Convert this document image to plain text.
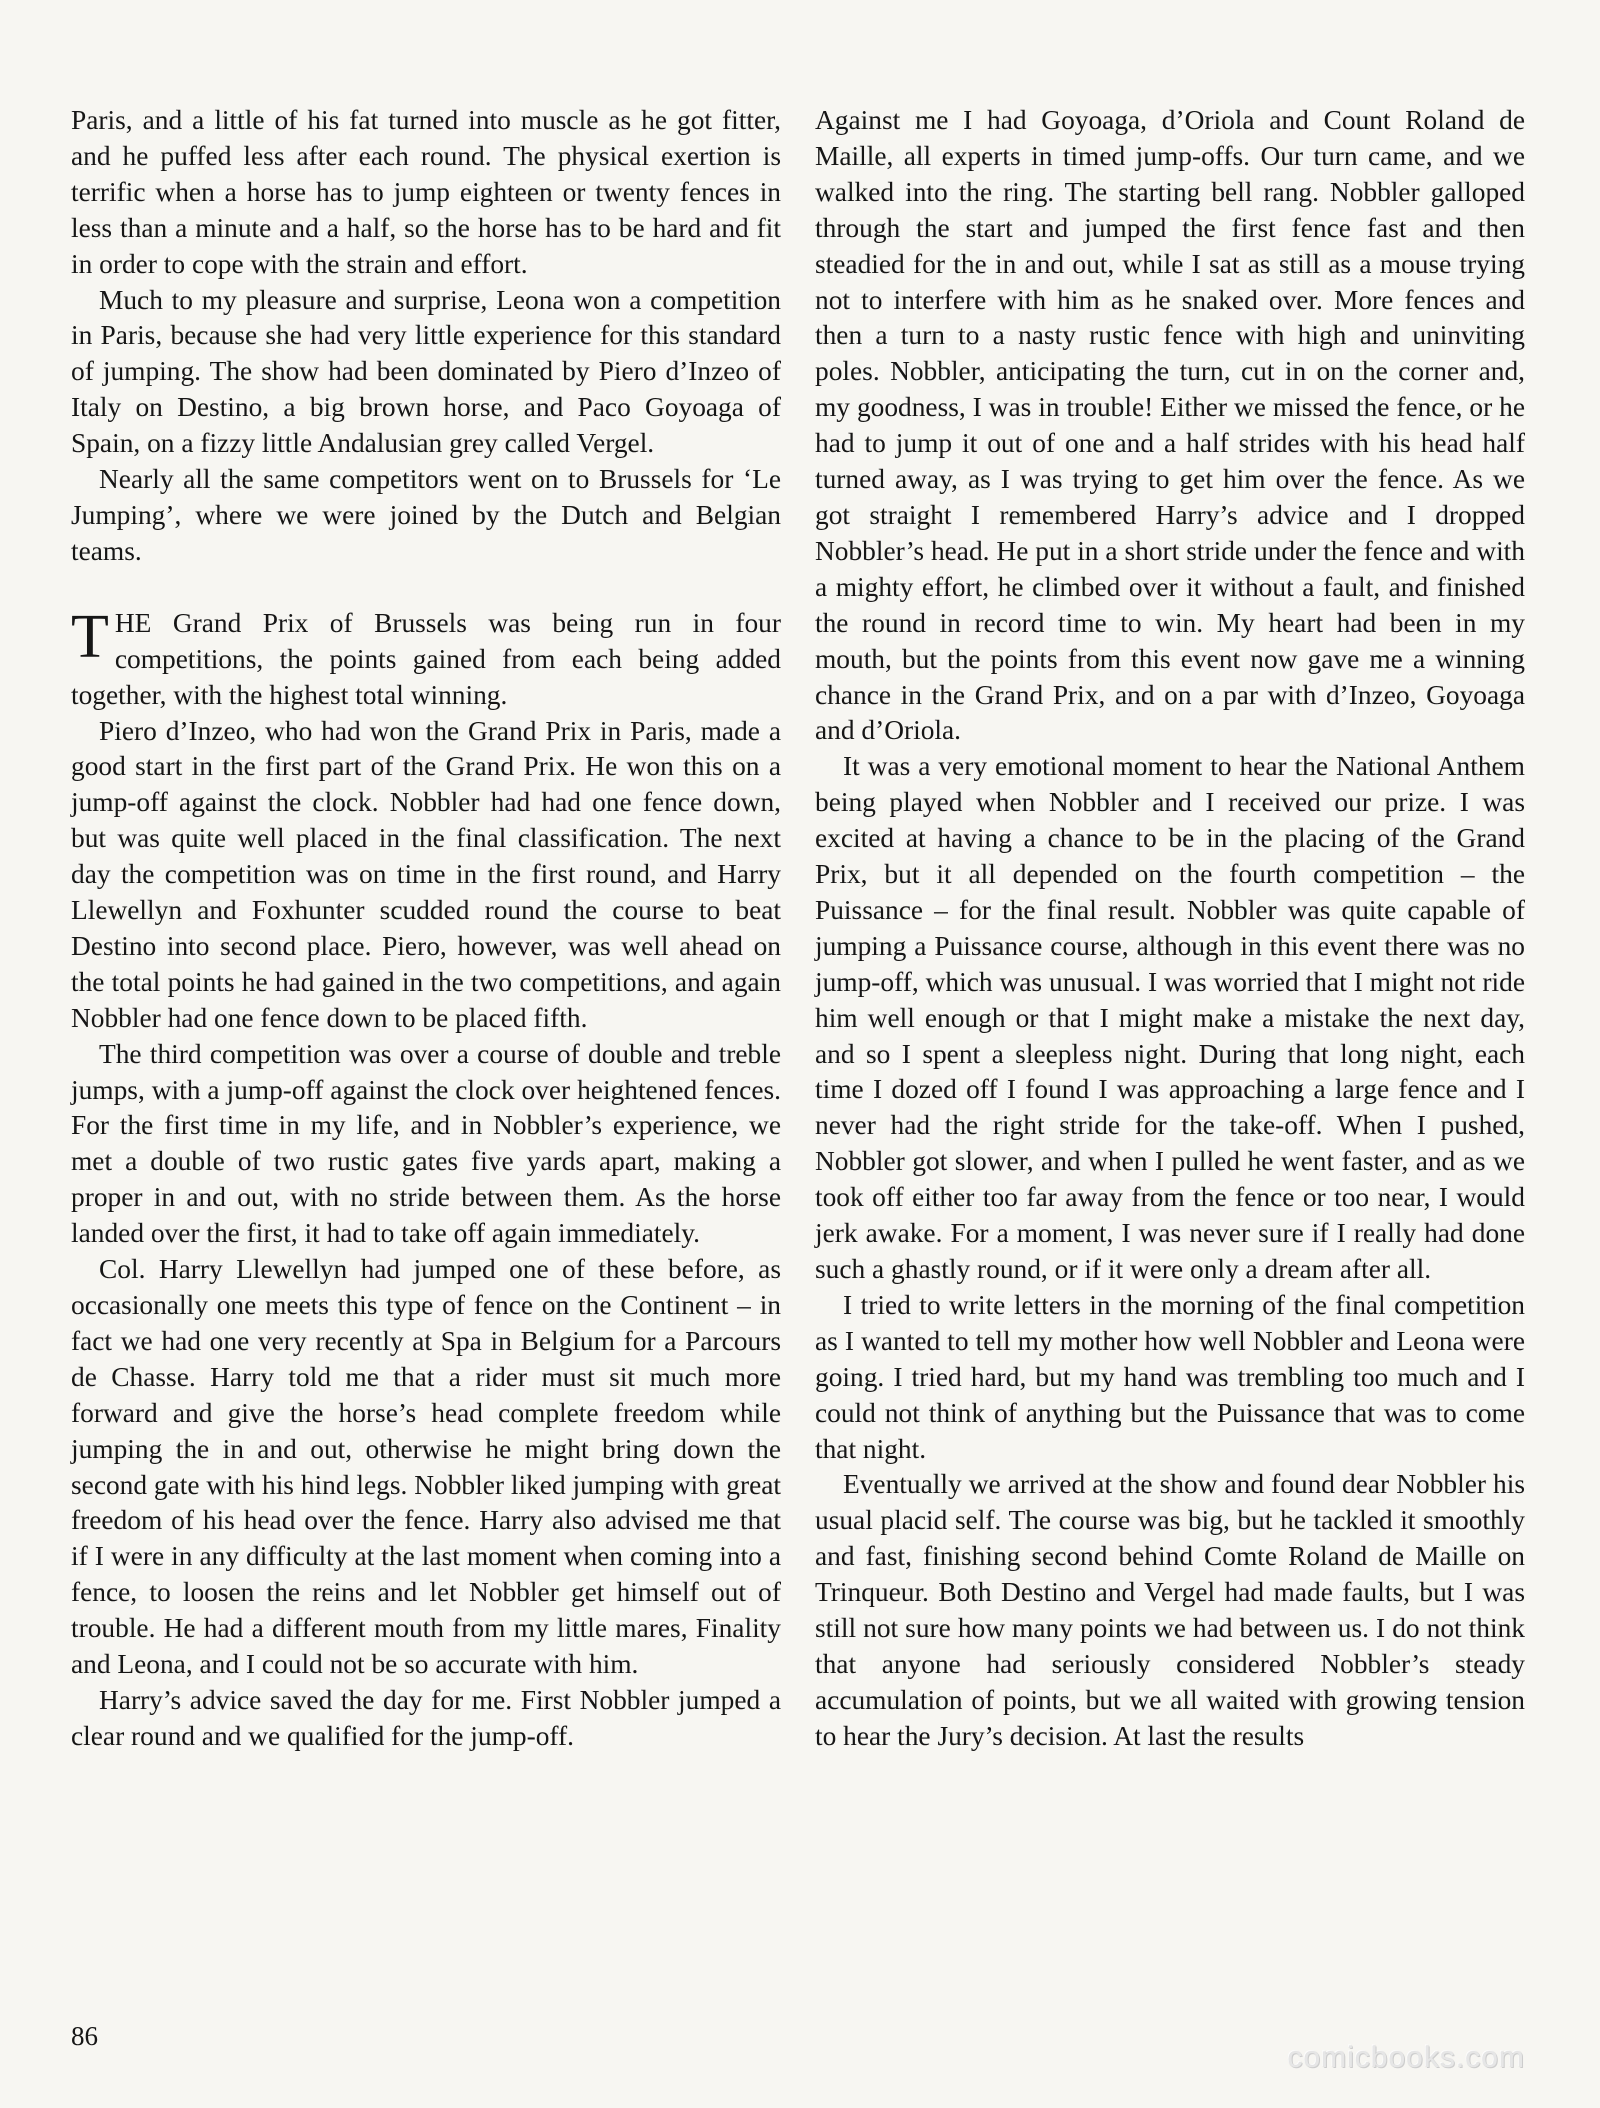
Paris, and a little of his fat turned into muscle as he got fitter, and he puffed less after each round. The physical exertion is terrific when a horse has to jump eighteen or twenty fences in less than a minute and a half, so the horse has to be hard and fit in order to cope with the strain and effort.

Much to my pleasure and surprise, Leona won a competition in Paris, because she had very little experience for this standard of jumping. The show had been dominated by Piero d’Inzeo of Italy on Destino, a big brown horse, and Paco Goyoaga of Spain, on a fizzy little Andalusian grey called Vergel.

Nearly all the same competitors went on to Brussels for ‘Le Jumping’, where we were joined by the Dutch and Belgian teams.

THE Grand Prix of Brussels was being run in four competitions, the points gained from each being added together, with the highest total winning.

Piero d’Inzeo, who had won the Grand Prix in Paris, made a good start in the first part of the Grand Prix. He won this on a jump-off against the clock. Nobbler had had one fence down, but was quite well placed in the final classification. The next day the competition was on time in the first round, and Harry Llewellyn and Foxhunter scudded round the course to beat Destino into second place. Piero, however, was well ahead on the total points he had gained in the two competitions, and again Nobbler had one fence down to be placed fifth.

The third competition was over a course of double and treble jumps, with a jump-off against the clock over heightened fences. For the first time in my life, and in Nobbler’s experience, we met a double of two rustic gates five yards apart, making a proper in and out, with no stride between them. As the horse landed over the first, it had to take off again immediately.

Col. Harry Llewellyn had jumped one of these before, as occasionally one meets this type of fence on the Continent – in fact we had one very recently at Spa in Belgium for a Parcours de Chasse. Harry told me that a rider must sit much more forward and give the horse’s head complete freedom while jumping the in and out, otherwise he might bring down the second gate with his hind legs. Nobbler liked jumping with great freedom of his head over the fence. Harry also advised me that if I were in any difficulty at the last moment when coming into a fence, to loosen the reins and let Nobbler get himself out of trouble. He had a different mouth from my little mares, Finality and Leona, and I could not be so accurate with him.

Harry’s advice saved the day for me. First Nobbler jumped a clear round and we qualified for the jump-off.

Against me I had Goyoaga, d’Oriola and Count Roland de Maille, all experts in timed jump-offs. Our turn came, and we walked into the ring. The starting bell rang. Nobbler galloped through the start and jumped the first fence fast and then steadied for the in and out, while I sat as still as a mouse trying not to interfere with him as he snaked over. More fences and then a turn to a nasty rustic fence with high and uninviting poles. Nobbler, anticipating the turn, cut in on the corner and, my goodness, I was in trouble! Either we missed the fence, or he had to jump it out of one and a half strides with his head half turned away, as I was trying to get him over the fence. As we got straight I remembered Harry’s advice and I dropped Nobbler’s head. He put in a short stride under the fence and with a mighty effort, he climbed over it without a fault, and finished the round in record time to win. My heart had been in my mouth, but the points from this event now gave me a winning chance in the Grand Prix, and on a par with d’Inzeo, Goyoaga and d’Oriola.

It was a very emotional moment to hear the National Anthem being played when Nobbler and I received our prize. I was excited at having a chance to be in the placing of the Grand Prix, but it all depended on the fourth competition – the Puissance – for the final result. Nobbler was quite capable of jumping a Puissance course, although in this event there was no jump-off, which was unusual. I was worried that I might not ride him well enough or that I might make a mistake the next day, and so I spent a sleepless night. During that long night, each time I dozed off I found I was approaching a large fence and I never had the right stride for the take-off. When I pushed, Nobbler got slower, and when I pulled he went faster, and as we took off either too far away from the fence or too near, I would jerk awake. For a moment, I was never sure if I really had done such a ghastly round, or if it were only a dream after all.

I tried to write letters in the morning of the final competition as I wanted to tell my mother how well Nobbler and Leona were going. I tried hard, but my hand was trembling too much and I could not think of anything but the Puissance that was to come that night.

Eventually we arrived at the show and found dear Nobbler his usual placid self. The course was big, but he tackled it smoothly and fast, finishing second behind Comte Roland de Maille on Trinqueur. Both Destino and Vergel had made faults, but I was still not sure how many points we had between us. I do not think that anyone had seriously considered Nobbler’s steady accumulation of points, but we all waited with growing tension to hear the Jury’s decision. At last the results

86
comicbooks.com
